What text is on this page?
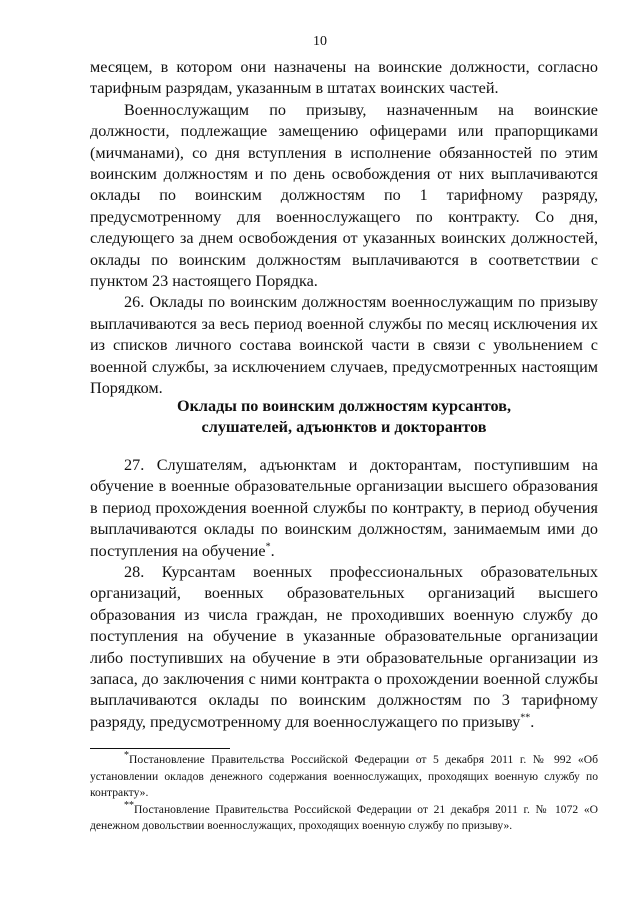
10

месяцем, в котором они назначены на воинские должности, согласно тарифным разрядам, указанным в штатах воинских частей.

Военнослужащим по призыву, назначенным на воинские должности, подлежащие замещению офицерами или прапорщиками (мичманами), со дня вступления в исполнение обязанностей по этим воинским должностям и по день освобождения от них выплачиваются оклады по воинским должностям по 1 тарифному разряду, предусмотренному для военнослужащего по контракту. Со дня, следующего за днем освобождения от указанных воинских должностей, оклады по воинским должностям выплачиваются в соответствии с пунктом 23 настоящего Порядка.

26. Оклады по воинским должностям военнослужащим по призыву выплачиваются за весь период военной службы по месяц исключения их из списков личного состава воинской части в связи с увольнением с военной службы, за исключением случаев, предусмотренных настоящим Порядком.

Оклады по воинским должностям курсантов,
слушателей, адъюнктов и докторантов

27. Слушателям, адъюнктам и докторантам, поступившим на обучение в военные образовательные организации высшего образования в период прохождения военной службы по контракту, в период обучения выплачиваются оклады по воинским должностям, занимаемым ими до поступления на обучение*.

28. Курсантам военных профессиональных образовательных организаций, военных образовательных организаций высшего образования из числа граждан, не проходивших военную службу до поступления на обучение в указанные образовательные организации либо поступивших на обучение в эти образовательные организации из запаса, до заключения с ними контракта о прохождении военной службы выплачиваются оклады по воинским должностям по 3 тарифному разряду, предусмотренному для военнослужащего по призыву**.

*Постановление Правительства Российской Федерации от 5 декабря 2011 г. № 992 «Об установлении окладов денежного содержания военнослужащих, проходящих военную службу по контракту».

**Постановление Правительства Российской Федерации от 21 декабря 2011 г. № 1072 «О денежном довольствии военнослужащих, проходящих военную службу по призыву».
